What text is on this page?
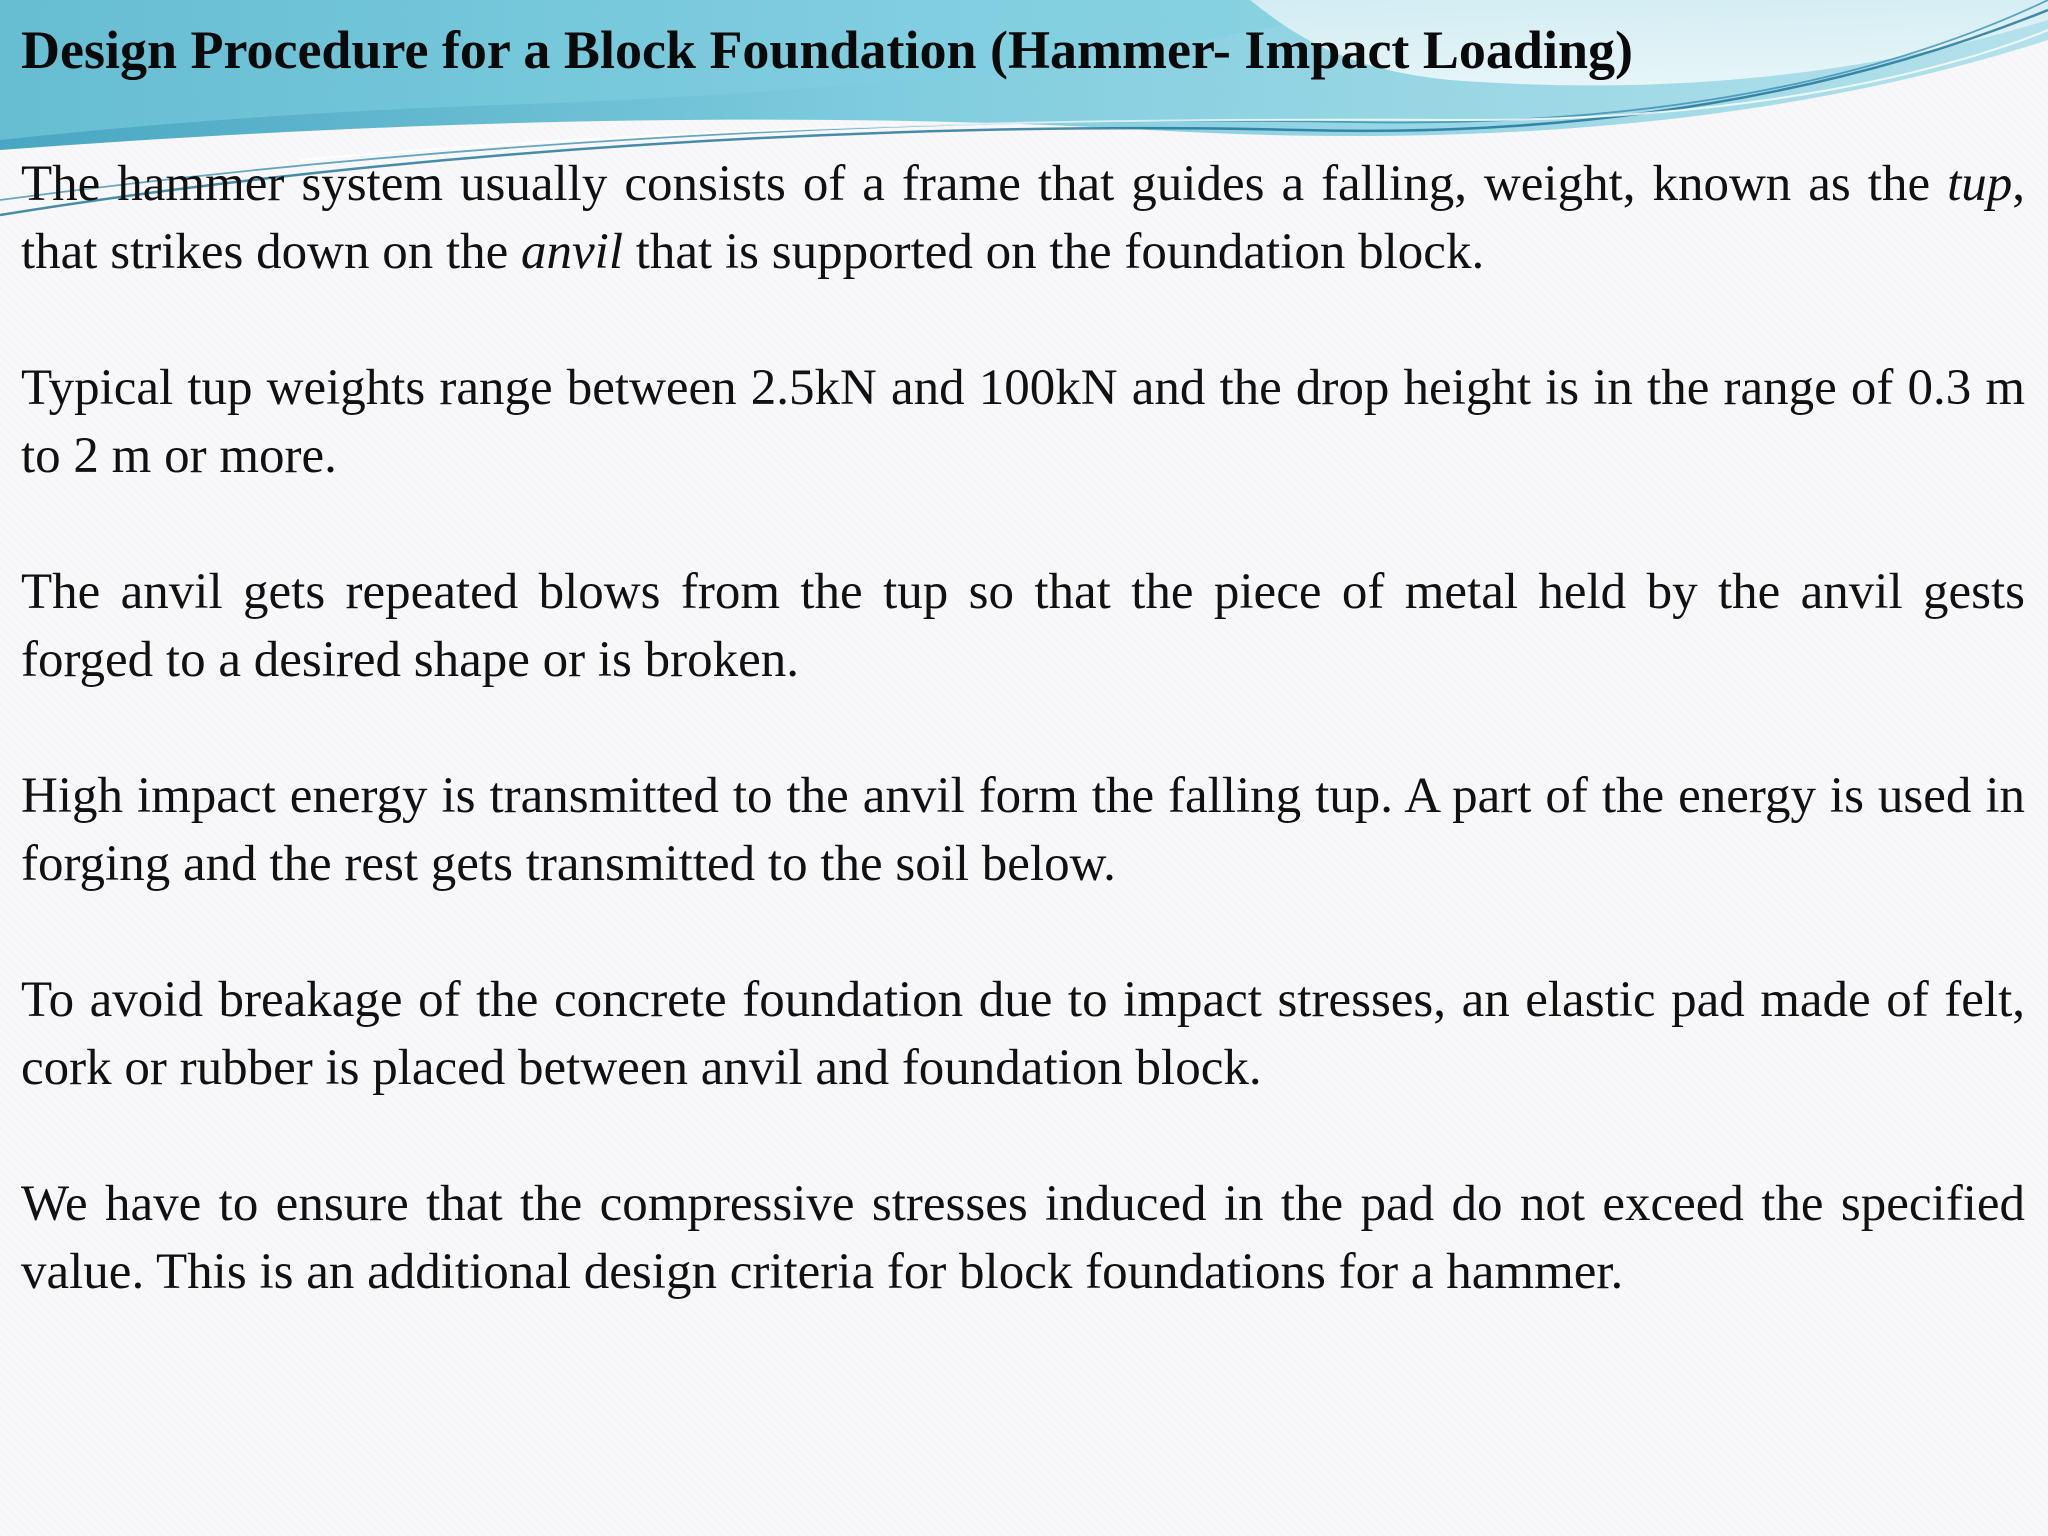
Design Procedure for a Block Foundation (Hammer- Impact Loading)

The hammer system usually consists of a frame that guides a falling, weight, known as the tup, that strikes down on the anvil that is supported on the foundation block.

Typical tup weights range between 2.5kN and 100kN and the drop height is in the range of 0.3 m to 2 m or more.

The anvil gets repeated blows from the tup so that the piece of metal held by the anvil gests forged to a desired shape or is broken.

High impact energy is transmitted to the anvil form the falling tup. A part of the energy is used in forging and the rest gets transmitted to the soil below.

To avoid breakage of the concrete foundation due to impact stresses, an elastic pad made of felt, cork or rubber is placed between anvil and foundation block.

We have to ensure that the compressive stresses induced in the pad do not exceed the specified value. This is an additional design criteria for block foundations for a hammer.
